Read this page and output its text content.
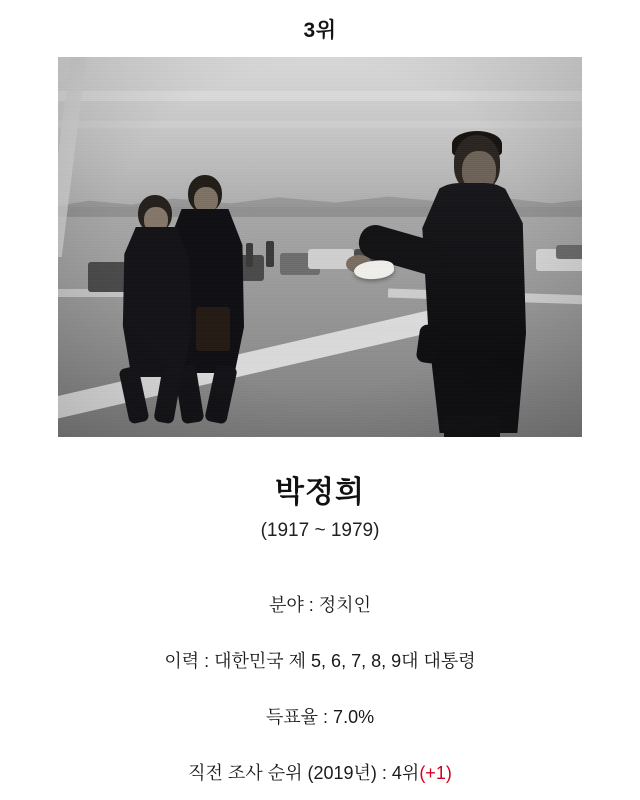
3위
박정희
(1917 ~ 1979)

분야 : 정치인

이력 : 대한민국 제 5, 6, 7, 8, 9대 대통령

득표율 : 7.0%

직전 조사 순위 (2019년) : 4위(+1)
